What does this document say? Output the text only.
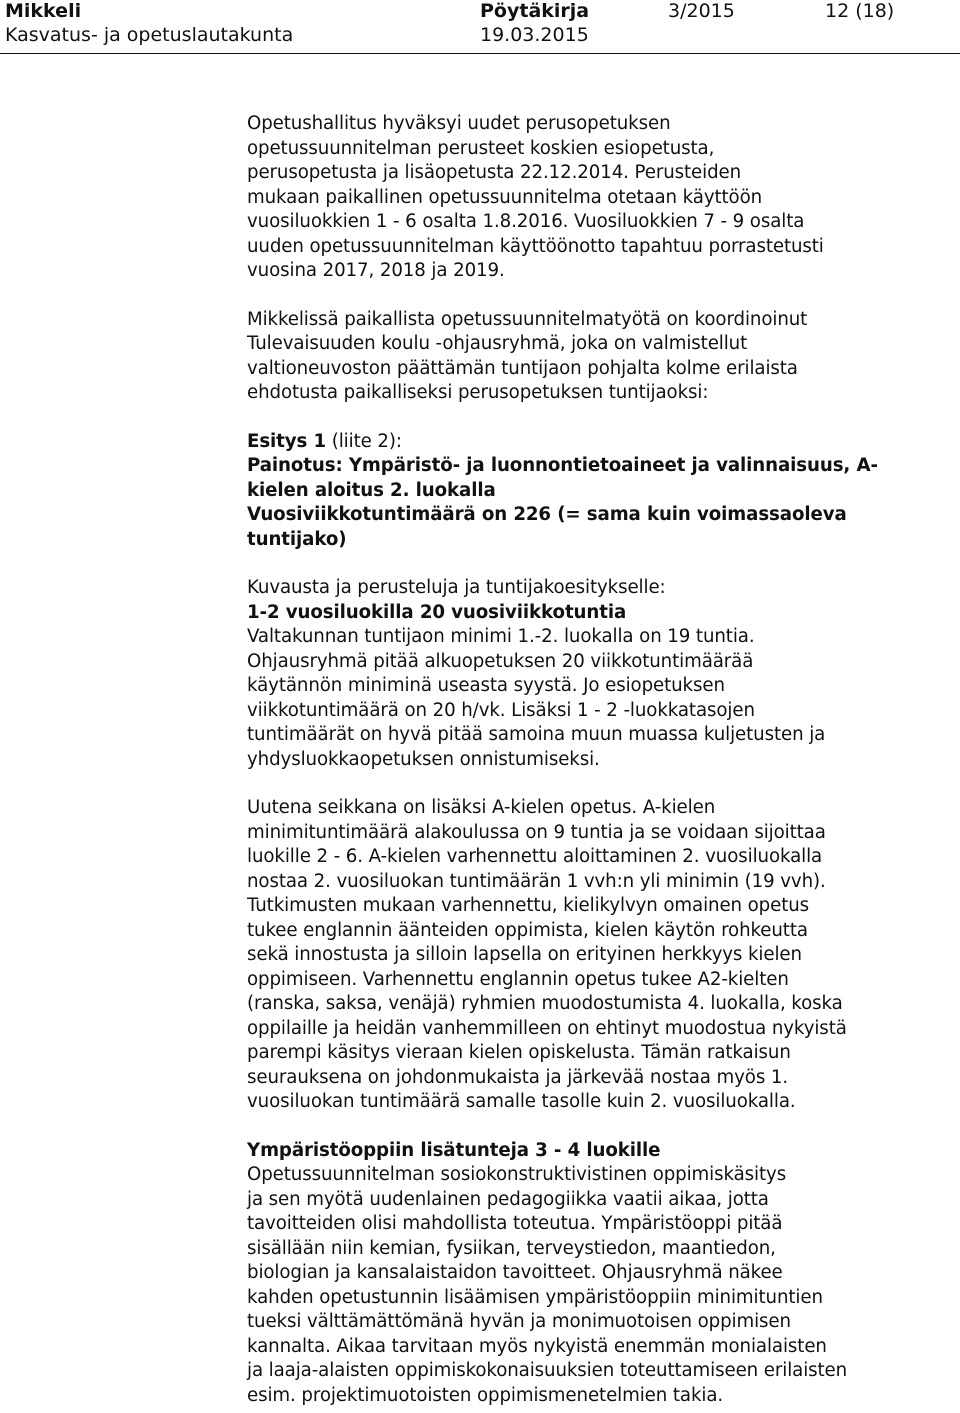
Mikkeli	Pöytäkirja	3/2015	12 (18)
Kasvatus- ja opetuslautakunta	19.03.2015
Opetushallitus hyväksyi uudet perusopetuksen
opetussuunnitelman perusteet koskien esiopetusta,
perusopetusta ja lisäopetusta 22.12.2014. Perusteiden
mukaan paikallinen opetussuunnitelma otetaan käyttöön
vuosiluokkien 1 - 6 osalta 1.8.2016. Vuosiluokkien 7 - 9 osalta
uuden opetussuunnitelman käyttöönotto tapahtuu porrastetusti
vuosina 2017, 2018 ja 2019.
Mikkelissä paikallista opetussuunnitelmatyötä on koordinoinut
Tulevaisuuden koulu -ohjausryhmä, joka on valmistellut
valtioneuvoston päättämän tuntijaon pohjalta kolme erilaista
ehdotusta paikalliseksi perusopetuksen tuntijaoksi:
Esitys 1 (liite 2):
Painotus: Ympäristö- ja luonnontietoaineet ja valinnaisuus, A-
kielen aloitus 2. luokalla
Vuosiviikkotuntimäärä on 226 (= sama kuin voimassaoleva
tuntijako)
Kuvausta ja perusteluja ja tuntijakoesitykselle:
1-2 vuosiluokilla 20 vuosiviikkotuntia
Valtakunnan tuntijaon minimi 1.-2. luokalla on 19 tuntia.
Ohjausryhmä pitää alkuopetuksen 20 viikkotuntimäärää
käytännön miniminä useasta syystä. Jo esiopetuksen
viikkotuntimäärä on 20 h/vk. Lisäksi 1 - 2 -luokkatasojen
tuntimäärät on hyvä pitää samoina muun muassa kuljetusten ja
yhdysluokkaopetuksen onnistumiseksi.
Uutena seikkana on lisäksi A-kielen opetus. A-kielen
minimituntimäärä alakoulussa on 9 tuntia ja se voidaan sijoittaa
luokille 2 - 6. A-kielen varhennettu aloittaminen 2. vuosiluokalla
nostaa 2. vuosiluokan tuntimäärän 1 vvh:n yli minimin (19 vvh).
Tutkimusten mukaan varhennettu, kielikylvyn omainen opetus
tukee englannin äänteiden oppimista, kielen käytön rohkeutta
sekä innostusta ja silloin lapsella on erityinen herkkyys kielen
oppimiseen. Varhennettu englannin opetus tukee A2-kielten
(ranska, saksa, venäjä) ryhmien muodostumista 4. luokalla, koska
oppilaille ja heidän vanhemmilleen on ehtinyt muodostua nykyistä
parempi käsitys vieraan kielen opiskelusta. Tämän ratkaisun
seurauksena on johdonmukaista ja järkevää nostaa myös 1.
vuosiluokan tuntimäärä samalle tasolle kuin 2. vuosiluokalla.
Ympäristöoppiin lisätunteja 3 - 4 luokille
Opetussuunnitelman sosiokonstruktivistinen oppimiskäsitys
ja sen myötä uudenlainen pedagogiikka vaatii aikaa, jotta
tavoitteiden olisi mahdollista toteutua. Ympäristöoppi pitää
sisällään niin kemian, fysiikan, terveystiedon, maantiedon,
biologian ja kansalaistaidon tavoitteet. Ohjausryhmä näkee
kahden opetustunnin lisäämisen ympäristöoppiin minimituntien
tueksi välttämättömänä hyvän ja monimuotoisen oppimisen
kannalta. Aikaa tarvitaan myös nykyistä enemmän monialaisten
ja laaja-alaisten oppimiskokonaisuuksien toteuttamiseen erilaisten
esim. projektimuotoisten oppimismenetelmien takia.
